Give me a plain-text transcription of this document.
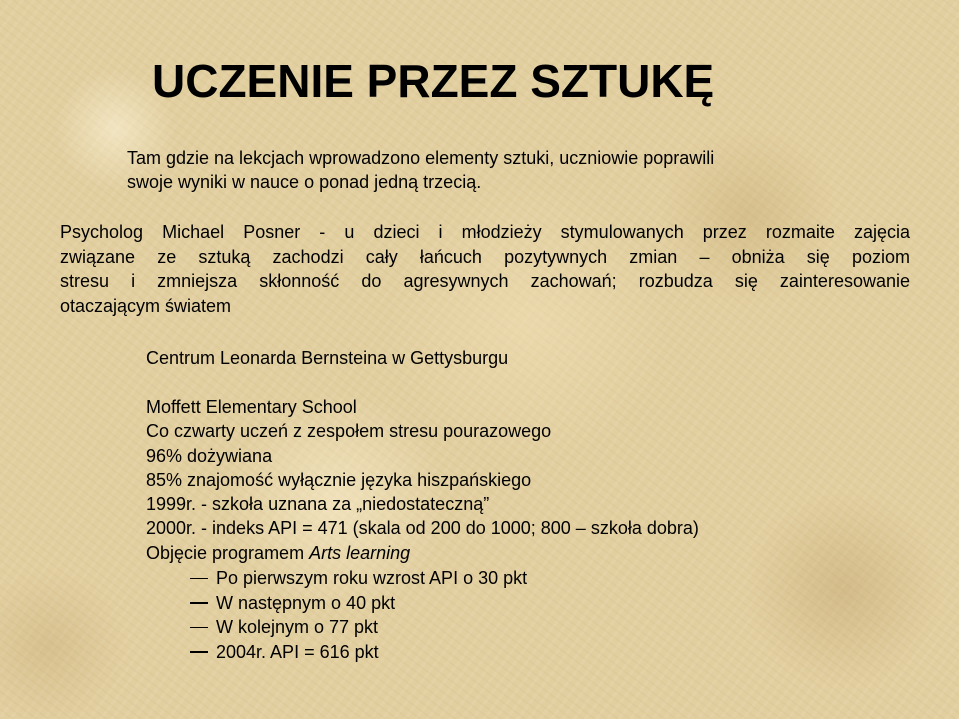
UCZENIE PRZEZ SZTUKĘ

Tam gdzie na lekcjach wprowadzono elementy sztuki, uczniowie poprawili
swoje wyniki w nauce o ponad jedną trzecią.

Psycholog Michael Posner - u dzieci i młodzieży stymulowanych przez rozmaite zajęcia
związane ze sztuką zachodzi cały łańcuch pozytywnych zmian – obniża się poziom
stresu i zmniejsza skłonność do agresywnych zachowań; rozbudza się zainteresowanie
otaczającym światem

Centrum Leonarda Bernsteina w Gettysburgu

Moffett Elementary School
Co czwarty uczeń z zespołem stresu pourazowego
96% dożywiana
85% znajomość wyłącznie języka hiszpańskiego
1999r. - szkoła uznana za „niedostateczną”
2000r. - indeks API = 471 (skala od 200 do 1000; 800 – szkoła dobra)
Objęcie programem Arts learning
Po pierwszym roku wzrost API o 30 pkt
W następnym o 40 pkt
W kolejnym o 77 pkt
2004r. API = 616 pkt
